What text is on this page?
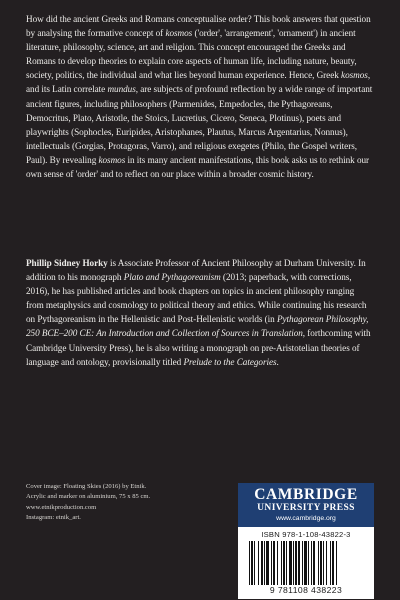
How did the ancient Greeks and Romans conceptualise order? This book answers that question by analysing the formative concept of kosmos ('order', 'arrangement', 'ornament') in ancient literature, philosophy, science, art and religion. This concept encouraged the Greeks and Romans to develop theories to explain core aspects of human life, including nature, beauty, society, politics, the individual and what lies beyond human experience. Hence, Greek kosmos, and its Latin correlate mundus, are subjects of profound reflection by a wide range of important ancient figures, including philosophers (Parmenides, Empedocles, the Pythagoreans, Democritus, Plato, Aristotle, the Stoics, Lucretius, Cicero, Seneca, Plotinus), poets and playwrights (Sophocles, Euripides, Aristophanes, Plautus, Marcus Argentarius, Nonnus), intellectuals (Gorgias, Protagoras, Varro), and religious exegetes (Philo, the Gospel writers, Paul). By revealing kosmos in its many ancient manifestations, this book asks us to rethink our own sense of 'order' and to reflect on our place within a broader cosmic history.

Phillip Sidney Horky is Associate Professor of Ancient Philosophy at Durham University. In addition to his monograph Plato and Pythagoreanism (2013; paperback, with corrections, 2016), he has published articles and book chapters on topics in ancient philosophy ranging from metaphysics and cosmology to political theory and ethics. While continuing his research on Pythagoreanism in the Hellenistic and Post-Hellenistic worlds (in Pythagorean Philosophy, 250 BCE–200 CE: An Introduction and Collection of Sources in Translation, forthcoming with Cambridge University Press), he is also writing a monograph on pre-Aristotelian theories of language and ontology, provisionally titled Prelude to the Categories.

Cover image: Floating Skies (2016) by Etnik.
Acrylic and marker on aluminium, 75 x 85 cm.
www.etnikproduction.com
Instagram: etnik_art.
CAMBRIDGE
UNIVERSITY PRESS
www.cambridge.org
ISBN 978-1-108-43822-3
9 781108 438223
